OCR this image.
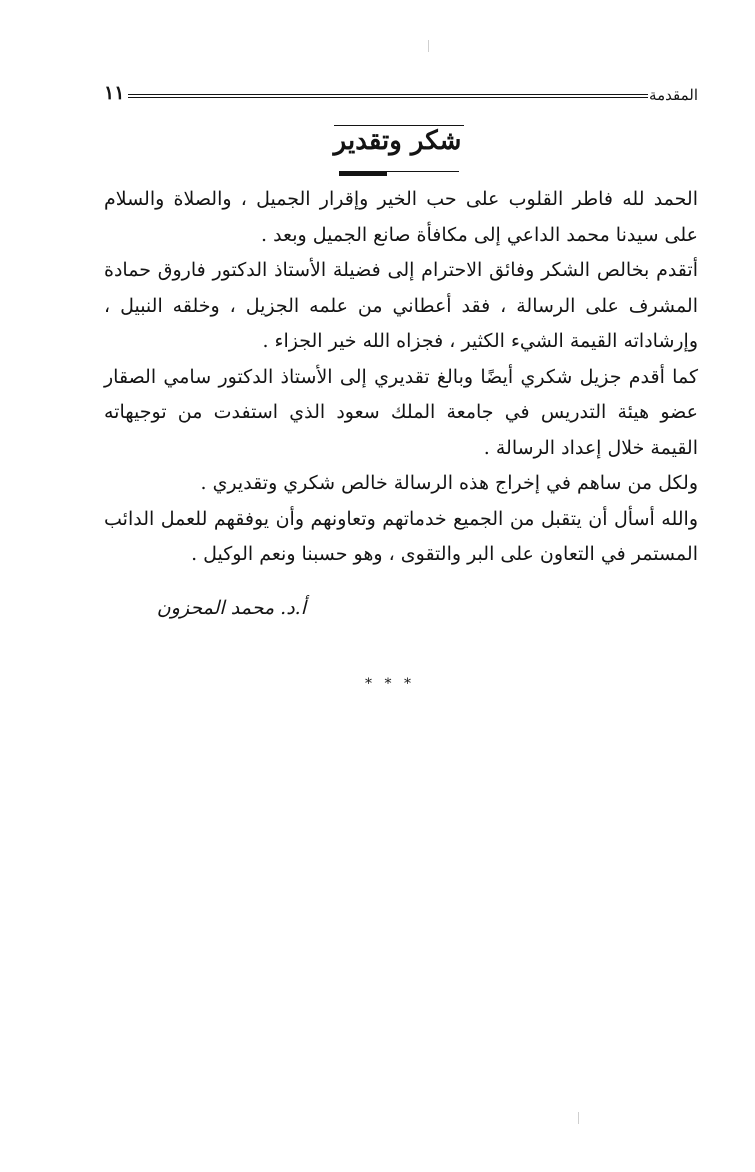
١١	المقدمة
شكر وتقدير

الحمد لله فاطر القلوب على حب الخير وإقرار الجميل ، والصلاة والسلام على سيدنا محمد الداعي إلى مكافأة صانع الجميل وبعد .

أتقدم بخالص الشكر وفائق الاحترام إلى فضيلة الأستاذ الدكتور فاروق حمادة المشرف على الرسالة ، فقد أعطاني من علمه الجزيل ، وخلقه النبيل ، وإرشاداته القيمة الشيء الكثير ، فجزاه الله خير الجزاء .

كما أقدم جزيل شكري أيضًا وبالغ تقديري إلى الأستاذ الدكتور سامي الصقار عضو هيئة التدريس في جامعة الملك سعود الذي استفدت من توجيهاته القيمة خلال إعداد الرسالة .

ولكل من ساهم في إخراج هذه الرسالة خالص شكري وتقديري .

والله أسأل أن يتقبل من الجميع خدماتهم وتعاونهم وأن يوفقهم للعمل الدائب المستمر في التعاون على البر والتقوى ، وهو حسبنا ونعم الوكيل .

أ.د. محمد المحزون
* * *
